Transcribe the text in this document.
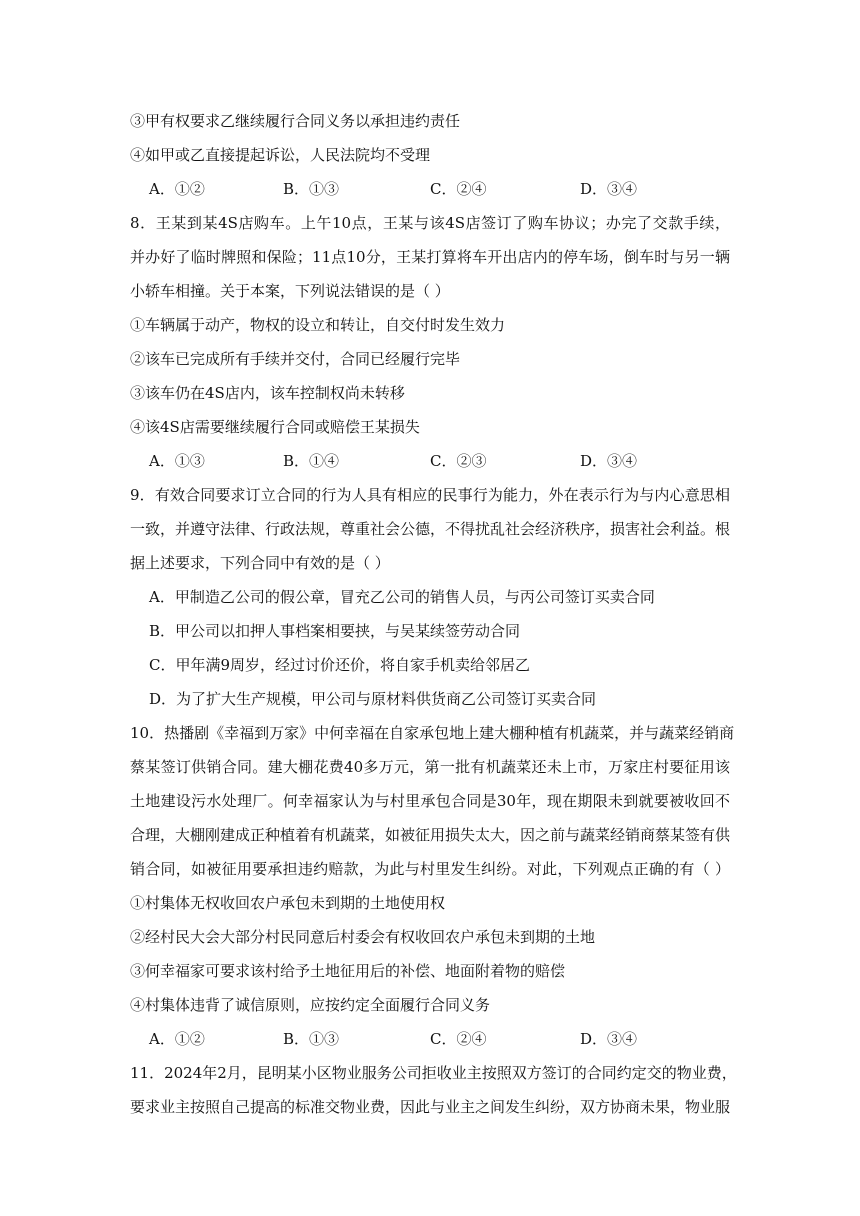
③甲有权要求乙继续履行合同义务以承担违约责任
④如甲或乙直接提起诉讼，人民法院均不受理
A．①②	B．①③	C．②④	D．③④
8．王某到某4S店购车。上午10点，王某与该4S店签订了购车协议；办完了交款手续，
并办好了临时牌照和保险；11点10分，王某打算将车开出店内的停车场，倒车时与另一辆
小轿车相撞。关于本案，下列说法错误的是（ ）
①车辆属于动产，物权的设立和转让，自交付时发生效力
②该车已完成所有手续并交付，合同已经履行完毕
③该车仍在4S店内，该车控制权尚未转移
④该4S店需要继续履行合同或赔偿王某损失
A．①③	B．①④	C．②③	D．③④
9．有效合同要求订立合同的行为人具有相应的民事行为能力，外在表示行为与内心意思相
一致，并遵守法律、行政法规，尊重社会公德，不得扰乱社会经济秩序，损害社会利益。根
据上述要求，下列合同中有效的是（ ）
A．甲制造乙公司的假公章，冒充乙公司的销售人员，与丙公司签订买卖合同
B．甲公司以扣押人事档案相要挟，与吴某续签劳动合同
C．甲年满9周岁，经过讨价还价，将自家手机卖给邻居乙
D．为了扩大生产规模，甲公司与原材料供货商乙公司签订买卖合同
10．热播剧《幸福到万家》中何幸福在自家承包地上建大棚种植有机蔬菜，并与蔬菜经销商
蔡某签订供销合同。建大棚花费40多万元，第一批有机蔬菜还未上市，万家庄村要征用该
土地建设污水处理厂。何幸福家认为与村里承包合同是30年，现在期限未到就要被收回不
合理，大棚刚建成正种植着有机蔬菜，如被征用损失太大，因之前与蔬菜经销商蔡某签有供
销合同，如被征用要承担违约赔款，为此与村里发生纠纷。对此，下列观点正确的有（ ）
①村集体无权收回农户承包未到期的土地使用权
②经村民大会大部分村民同意后村委会有权收回农户承包未到期的土地
③何幸福家可要求该村给予土地征用后的补偿、地面附着物的赔偿
④村集体违背了诚信原则，应按约定全面履行合同义务
A．①②	B．①③	C．②④	D．③④
11．2024年2月，昆明某小区物业服务公司拒收业主按照双方签订的合同约定交的物业费，
要求业主按照自己提高的标准交物业费，因此与业主之间发生纠纷，双方协商未果，物业服
